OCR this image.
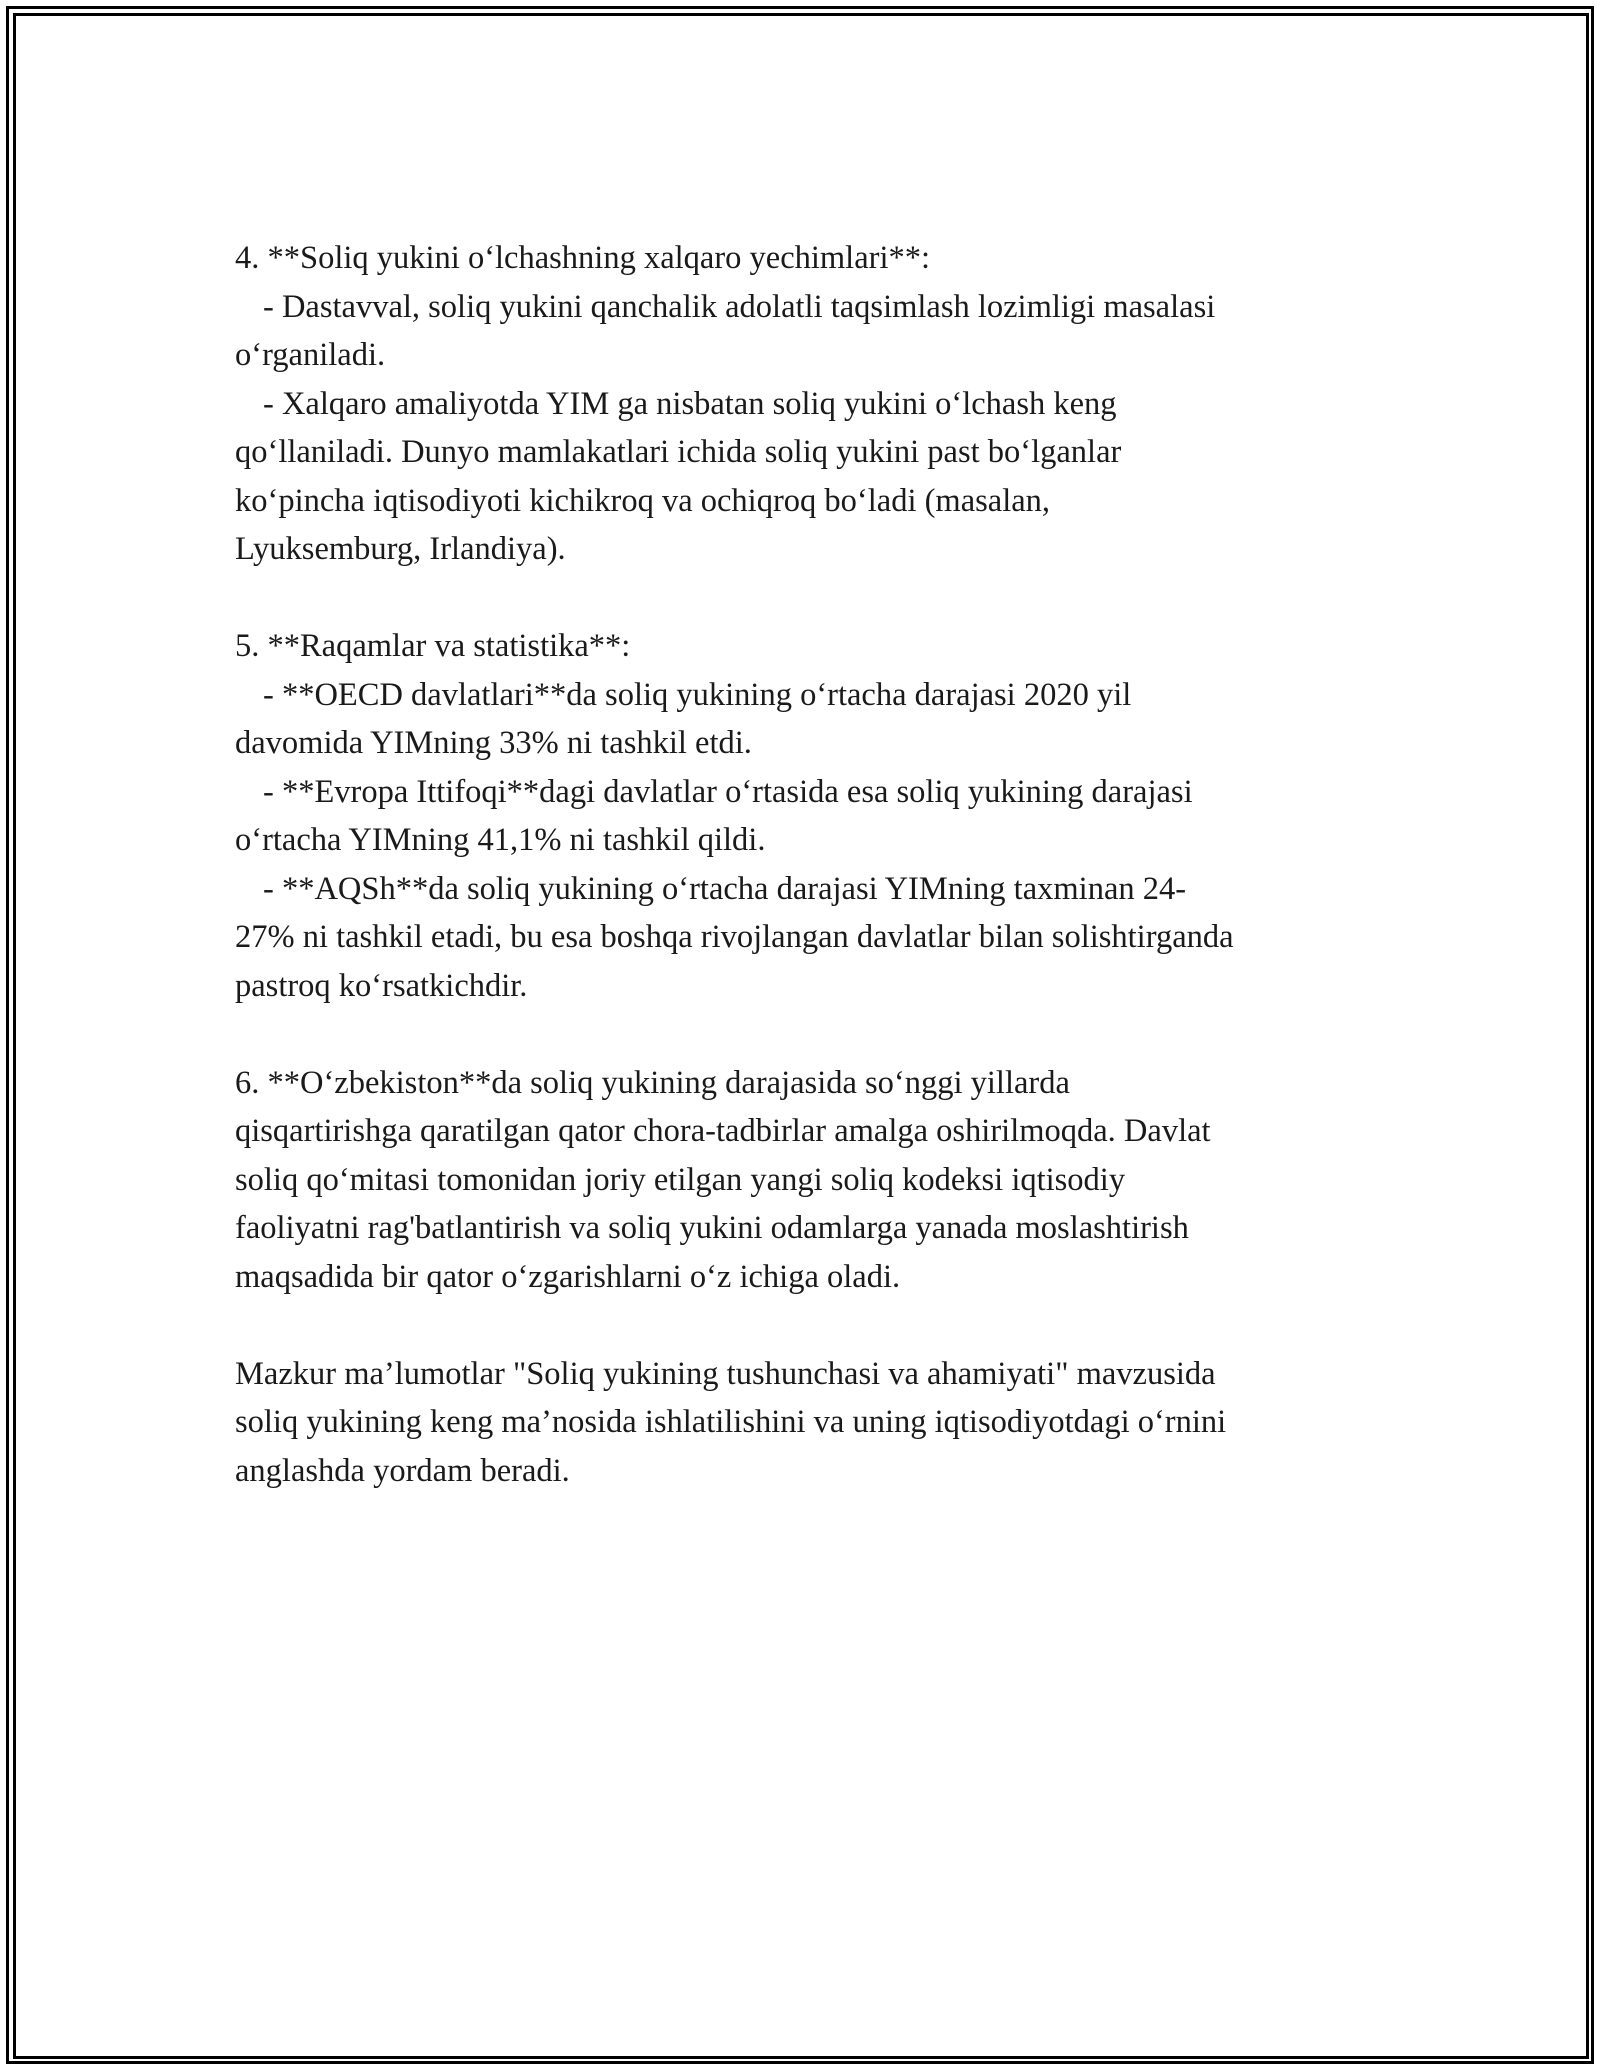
4. **Soliq yukini o‘lchashning xalqaro yechimlari**:
- Dastavval, soliq yukini qanchalik adolatli taqsimlash lozimligi masalasi
o‘rganiladi.
- Xalqaro amaliyotda YIM ga nisbatan soliq yukini o‘lchash keng
qo‘llaniladi. Dunyo mamlakatlari ichida soliq yukini past bo‘lganlar
ko‘pincha iqtisodiyoti kichikroq va ochiqroq bo‘ladi (masalan,
Lyuksemburg, Irlandiya).
5. **Raqamlar va statistika**:
- **OECD davlatlari**da soliq yukining o‘rtacha darajasi 2020 yil
davomida YIMning 33% ni tashkil etdi.
- **Evropa Ittifoqi**dagi davlatlar o‘rtasida esa soliq yukining darajasi
o‘rtacha YIMning 41,1% ni tashkil qildi.
- **AQSh**da soliq yukining o‘rtacha darajasi YIMning taxminan 24-
27% ni tashkil etadi, bu esa boshqa rivojlangan davlatlar bilan solishtirganda
pastroq ko‘rsatkichdir.
6. **O‘zbekiston**da soliq yukining darajasida so‘nggi yillarda
qisqartirishga qaratilgan qator chora-tadbirlar amalga oshirilmoqda. Davlat
soliq qo‘mitasi tomonidan joriy etilgan yangi soliq kodeksi iqtisodiy
faoliyatni rag'batlantirish va soliq yukini odamlarga yanada moslashtirish
maqsadida bir qator o‘zgarishlarni o‘z ichiga oladi.
Mazkur ma’lumotlar "Soliq yukining tushunchasi va ahamiyati" mavzusida
soliq yukining keng ma’nosida ishlatilishini va uning iqtisodiyotdagi o‘rnini
anglashda yordam beradi.
